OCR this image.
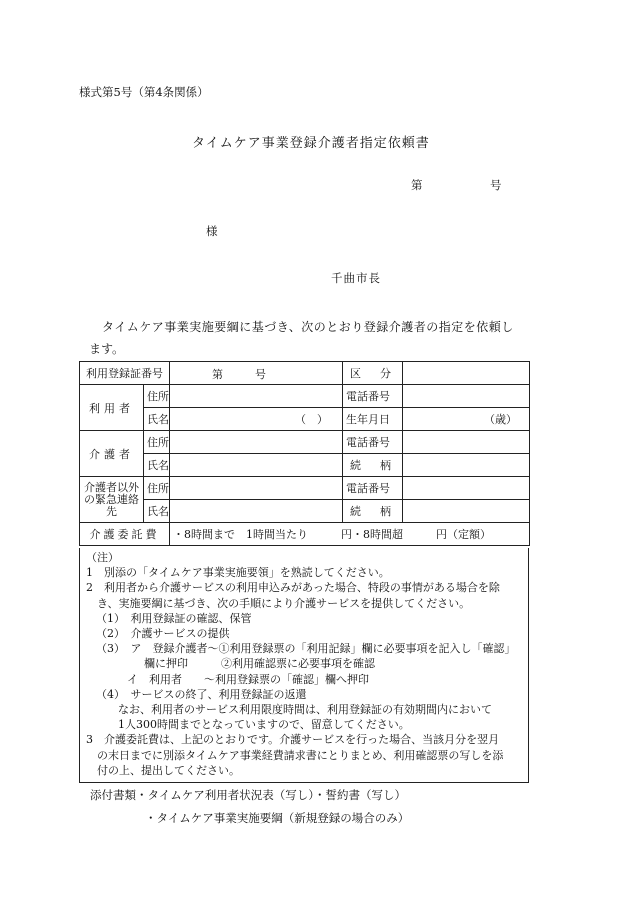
様式第5号（第4条関係）
タイムケア事業登録介護者指定依頼書
第	号
様
千曲市長
タイムケア事業実施要綱に基づき、次のとおり登録介護者の指定を依頼し
ます。
利用登録証番号		第 号	区　分	
利用者	住所		電話番号	
	氏名	（　）	生年月日	（歳）
介護者	住所		電話番号	
	氏名		続　柄	
介護者以外の緊急連絡先	住所		電話番号	
	氏名		続　柄	
介護委託費		・8時間まで　1時間当たり　　　円・8時間超　　　円（定額）		
（注）
1　別添の「タイムケア事業実施要領」を熟読してください。
2　利用者から介護サービスの利用申込みがあった場合、特段の事情がある場合を除
　き、実施要綱に基づき、次の手順により介護サービスを提供してください。
（1）　利用登録証の確認、保管
（2）　介護サービスの提供
（3）　ア　登録介護者～①利用登録票の「利用記録」欄に必要事項を記入し「確認」
欄に押印　　　②利用確認票に必要事項を確認
イ　利用者　　～利用登録票の「確認」欄へ押印
（4）　サービスの終了、利用登録証の返還
なお、利用者のサービス利用限度時間は、利用登録証の有効期間内において
1人300時間までとなっていますので、留意してください。
3　介護委託費は、上記のとおりです。介護サービスを行った場合、当該月分を翌月
　の末日までに別添タイムケア事業経費請求書にとりまとめ、利用確認票の写しを添
　付の上、提出してください。
添付書類・タイムケア利用者状況表（写し）・誓約書（写し）
・タイムケア事業実施要綱（新規登録の場合のみ）
